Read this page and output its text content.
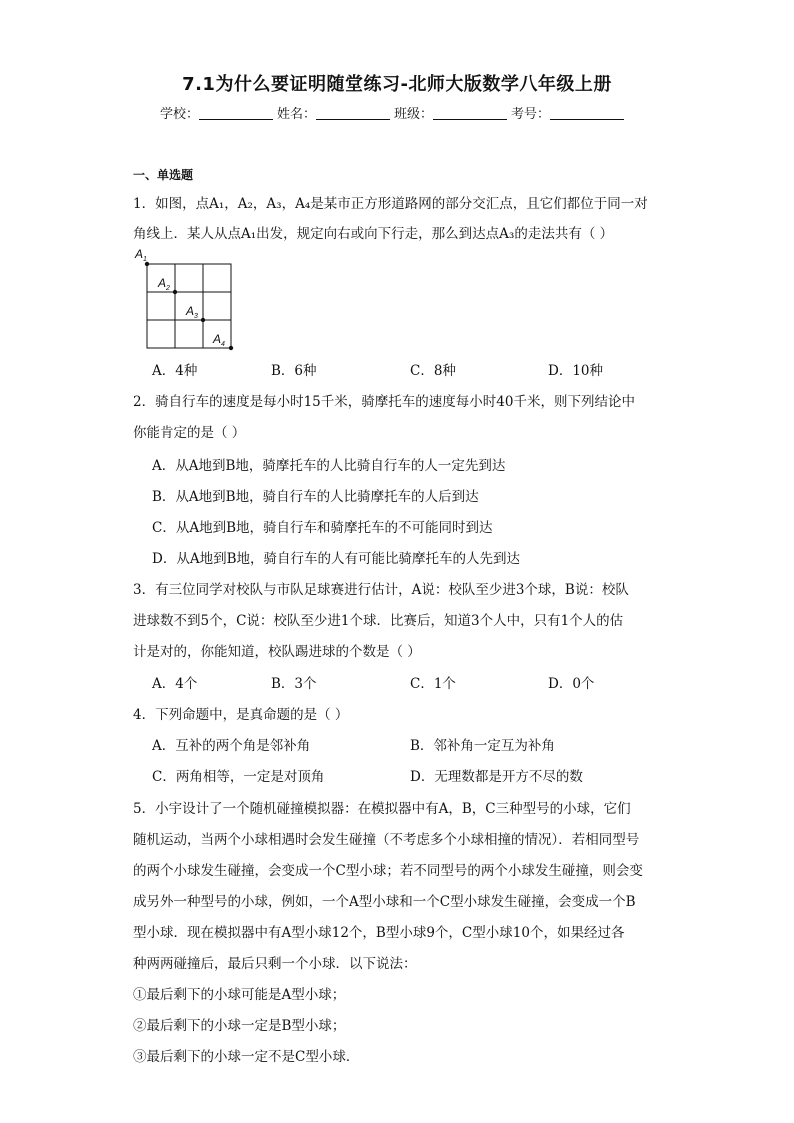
7.1为什么要证明随堂练习-北师大版数学八年级上册
学校：	姓名：	班级：	考号：
一、单选题
1．如图，点A₁，A₂，A₃，A₄是某市正方形道路网的部分交汇点，且它们都位于同一对
角线上．某人从点A₁出发，规定向右或向下行走，那么到达点A₃的走法共有（ ）
$A_1$
$A_2$
$A_3$
$A_4$
A．4种	B．6种	C．8种	D．10种
2．骑自行车的速度是每小时15千米，骑摩托车的速度每小时40千米，则下列结论中
你能肯定的是（ ）
A．从A地到B地，骑摩托车的人比骑自行车的人一定先到达
B．从A地到B地，骑自行车的人比骑摩托车的人后到达
C．从A地到B地，骑自行车和骑摩托车的不可能同时到达
D．从A地到B地，骑自行车的人有可能比骑摩托车的人先到达
3．有三位同学对校队与市队足球赛进行估计，A说：校队至少进3个球，B说：校队
进球数不到5个，C说：校队至少进1个球．比赛后，知道3个人中，只有1个人的估
计是对的，你能知道，校队踢进球的个数是（ ）
A．4个	B．3个	C．1个	D．0个
4．下列命题中，是真命题的是（ ）
A．互补的两个角是邻补角	B．邻补角一定互为补角
C．两角相等，一定是对顶角	D．无理数都是开方不尽的数
5．小宇设计了一个随机碰撞模拟器：在模拟器中有A，B，C三种型号的小球，它们
随机运动，当两个小球相遇时会发生碰撞（不考虑多个小球相撞的情况）．若相同型号
的两个小球发生碰撞，会变成一个C型小球；若不同型号的两个小球发生碰撞，则会变
成另外一种型号的小球，例如，一个A型小球和一个C型小球发生碰撞，会变成一个B
型小球．现在模拟器中有A型小球12个，B型小球9个，C型小球10个，如果经过各
种两两碰撞后，最后只剩一个小球．以下说法：
①最后剩下的小球可能是A型小球；
②最后剩下的小球一定是B型小球；
③最后剩下的小球一定不是C型小球．
